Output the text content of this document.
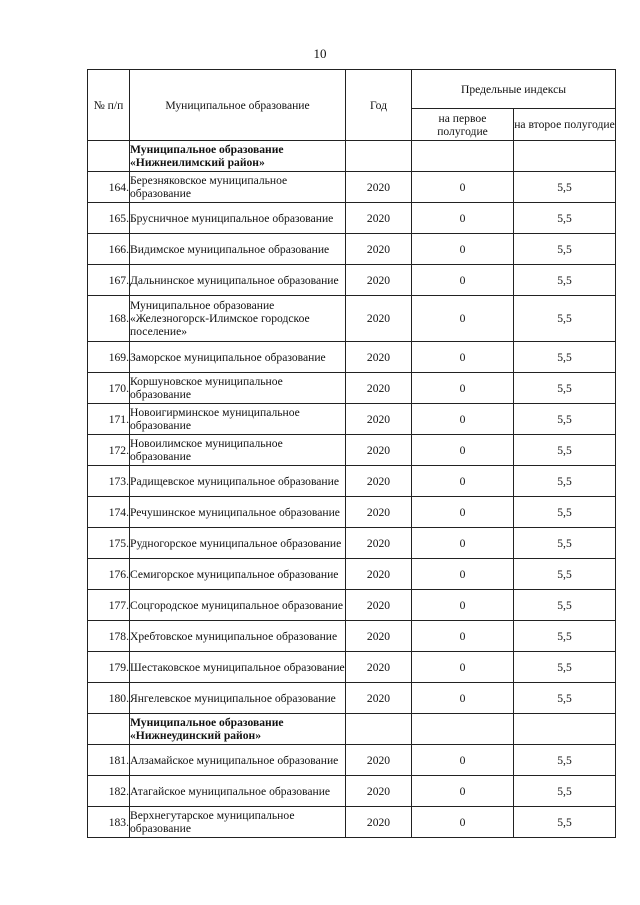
10
№ п/п	Муниципальное образование	Год	Предельные индексы	
			на первое полугодие	на второе полугодие
	Муниципальное образование «Нижнеилимский район»			
164.	Березняковское муниципальное образование	2020	0	5,5
165.	Брусничное муниципальное образование	2020	0	5,5
166.	Видимское муниципальное образование	2020	0	5,5
167.	Дальнинское муниципальное образование	2020	0	5,5
168.	Муниципальное образование «Железногорск-Илимское городское поселение»	2020	0	5,5
169.	Заморское муниципальное образование	2020	0	5,5
170.	Коршуновское муниципальное образование	2020	0	5,5
171.	Новоигирминское муниципальное образование	2020	0	5,5
172.	Новоилимское муниципальное образование	2020	0	5,5
173.	Радищевское муниципальное образование	2020	0	5,5
174.	Речушинское муниципальное образование	2020	0	5,5
175.	Рудногорское муниципальное образование	2020	0	5,5
176.	Семигорское муниципальное образование	2020	0	5,5
177.	Соцгородское муниципальное образование	2020	0	5,5
178.	Хребтовское муниципальное образование	2020	0	5,5
179.	Шестаковское муниципальное образование	2020	0	5,5
180.	Янгелевское муниципальное образование	2020	0	5,5
	Муниципальное образование «Нижнеудинский район»			
181.	Алзамайское муниципальное образование	2020	0	5,5
182.	Атагайское муниципальное образование	2020	0	5,5
183.	Верхнегутарское муниципальное образование	2020	0	5,5
